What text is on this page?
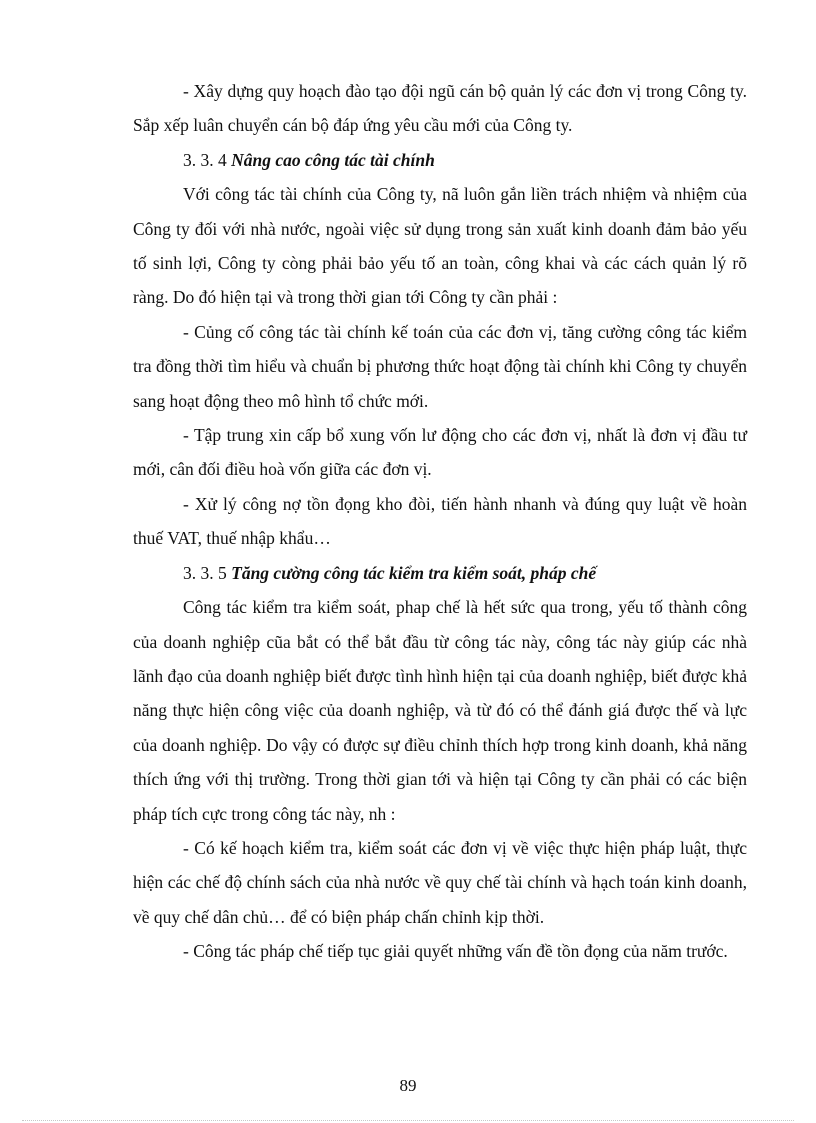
- Xây dựng quy hoạch đào tạo đội ngũ cán bộ quản lý các đơn vị trong Công ty. Sắp xếp luân chuyển cán bộ đáp ứng yêu cầu mới của Công ty.

3. 3. 4 Nâng cao công tác tài chính

Với công tác tài chính của Công ty, nã luôn gắn liền trách nhiệm và nhiệm của Công ty đối với nhà nước, ngoài việc sử dụng trong sản xuất kinh doanh đảm bảo yếu tố sinh lợi, Công ty còng phải bảo yếu tố an toàn, công khai và các cách quản lý rõ ràng. Do đó hiện tại và trong thời gian tới Công ty cần phải :

- Củng cố công tác tài chính kế toán của các đơn vị, tăng cường công tác kiểm tra đồng thời tìm hiểu và chuẩn bị phương thức hoạt động tài chính khi Công ty chuyển sang hoạt động theo mô hình tổ chức mới.

- Tập trung xin cấp bổ xung vốn lư động cho các đơn vị, nhất là đơn vị đầu tư mới, cân đối điều hoà vốn giữa các đơn vị.

- Xử lý công nợ tồn đọng kho đòi, tiến hành nhanh và đúng quy luật về hoàn thuế VAT, thuế nhập khẩu…

3. 3. 5 Tăng cường công tác kiểm tra kiểm soát, pháp chế

Công tác kiểm tra kiểm soát, phap chế là hết sức qua trong, yếu tố thành công của doanh nghiệp cũa bắt có thể bắt đầu từ công tác này, công tác này giúp các nhà lãnh đạo của doanh nghiệp biết được tình hình hiện tại của doanh nghiệp, biết được khả năng thực hiện công việc của doanh nghiệp, và từ đó có thể đánh giá được thế và lực của doanh nghiệp. Do vậy có được sự điều chỉnh thích hợp trong kinh doanh, khả năng thích ứng với thị trường. Trong thời gian tới và hiện tại Công ty cần phải có các biện pháp tích cực trong công tác này, nh :

- Có kế hoạch kiểm tra, kiểm soát các đơn vị về việc thực hiện pháp luật, thực hiện các chế độ chính sách của nhà nước về quy chế tài chính và hạch toán kinh doanh, về quy chế dân chủ… để có biện pháp chấn chỉnh kịp thời.

- Công tác pháp chế tiếp tục giải quyết những vấn đề tồn đọng của năm trước.

89
